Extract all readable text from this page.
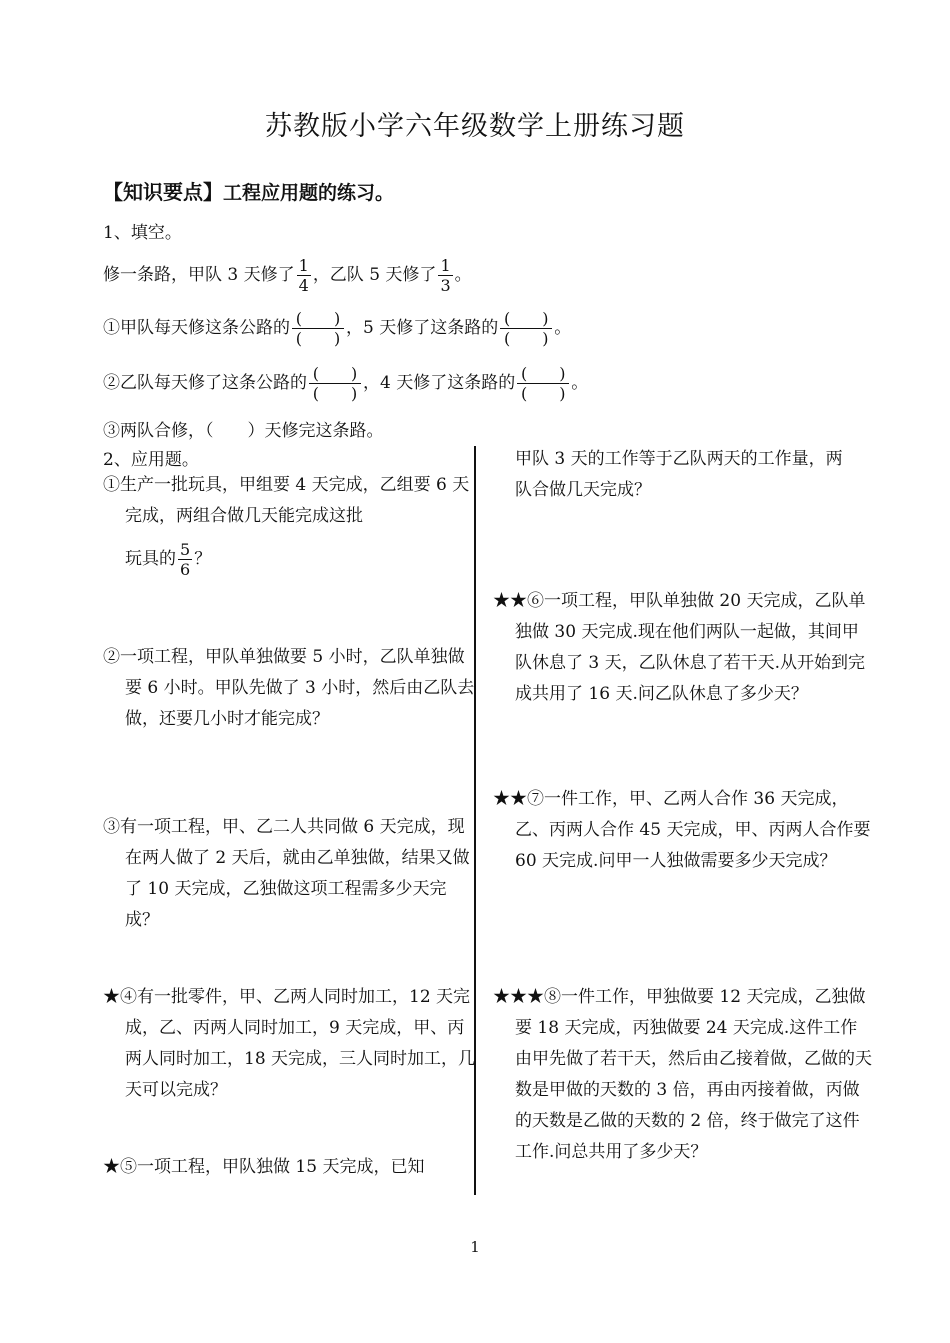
苏教版小学六年级数学上册练习题
【知识要点】工程应用题的练习。
1、填空。
修一条路，甲队 3 天修了 $\frac{1}{4}$ ，乙队 5 天修了 $\frac{1}{3}$ 。
①甲队每天修这条公路的 $\frac{( )}{( )}$ ，5 天修了这条路的 $\frac{( )}{( )}$ 。
②乙队每天修了这条公路的 $\frac{( )}{( )}$ ，4 天修了这条路的 $\frac{( )}{( )}$ 。
③两队合修，（　　）天修完这条路。
2、应用题。
①生产一批玩具，甲组要 4 天完成，乙组要 6 天完成，两组合做几天能完成这批
玩具的 $\frac{5}{6}$ ？
②一项工程，甲队单独做要 5 小时，乙队单独做要 6 小时。甲队先做了 3 小时，然后由乙队去做，还要几小时才能完成？
③有一项工程，甲、乙二人共同做 6 天完成，现在两人做了 2 天后，就由乙单独做，结果又做了 10 天完成，乙独做这项工程需多少天完成？
★④有一批零件，甲、乙两人同时加工，12 天完成，乙、丙两人同时加工，9 天完成，甲、丙两人同时加工，18 天完成，三人同时加工，几天可以完成？
★⑤一项工程，甲队独做 15 天完成，已知
甲队 3 天的工作等于乙队两天的工作量，两队合做几天完成？
★★⑥一项工程，甲队单独做 20 天完成，乙队单独做 30 天完成.现在他们两队一起做，其间甲队休息了 3 天，乙队休息了若干天.从开始到完成共用了 16 天.问乙队休息了多少天？
★★⑦一件工作，甲、乙两人合作 36 天完成，乙、丙两人合作 45 天完成，甲、丙两人合作要 60 天完成.问甲一人独做需要多少天完成？
★★★⑧一件工作，甲独做要 12 天完成，乙独做要 18 天完成，丙独做要 24 天完成.这件工作由甲先做了若干天，然后由乙接着做，乙做的天数是甲做的天数的 3 倍，再由丙接着做，丙做的天数是乙做的天数的 2 倍，终于做完了这件工作.问总共用了多少天？
1
